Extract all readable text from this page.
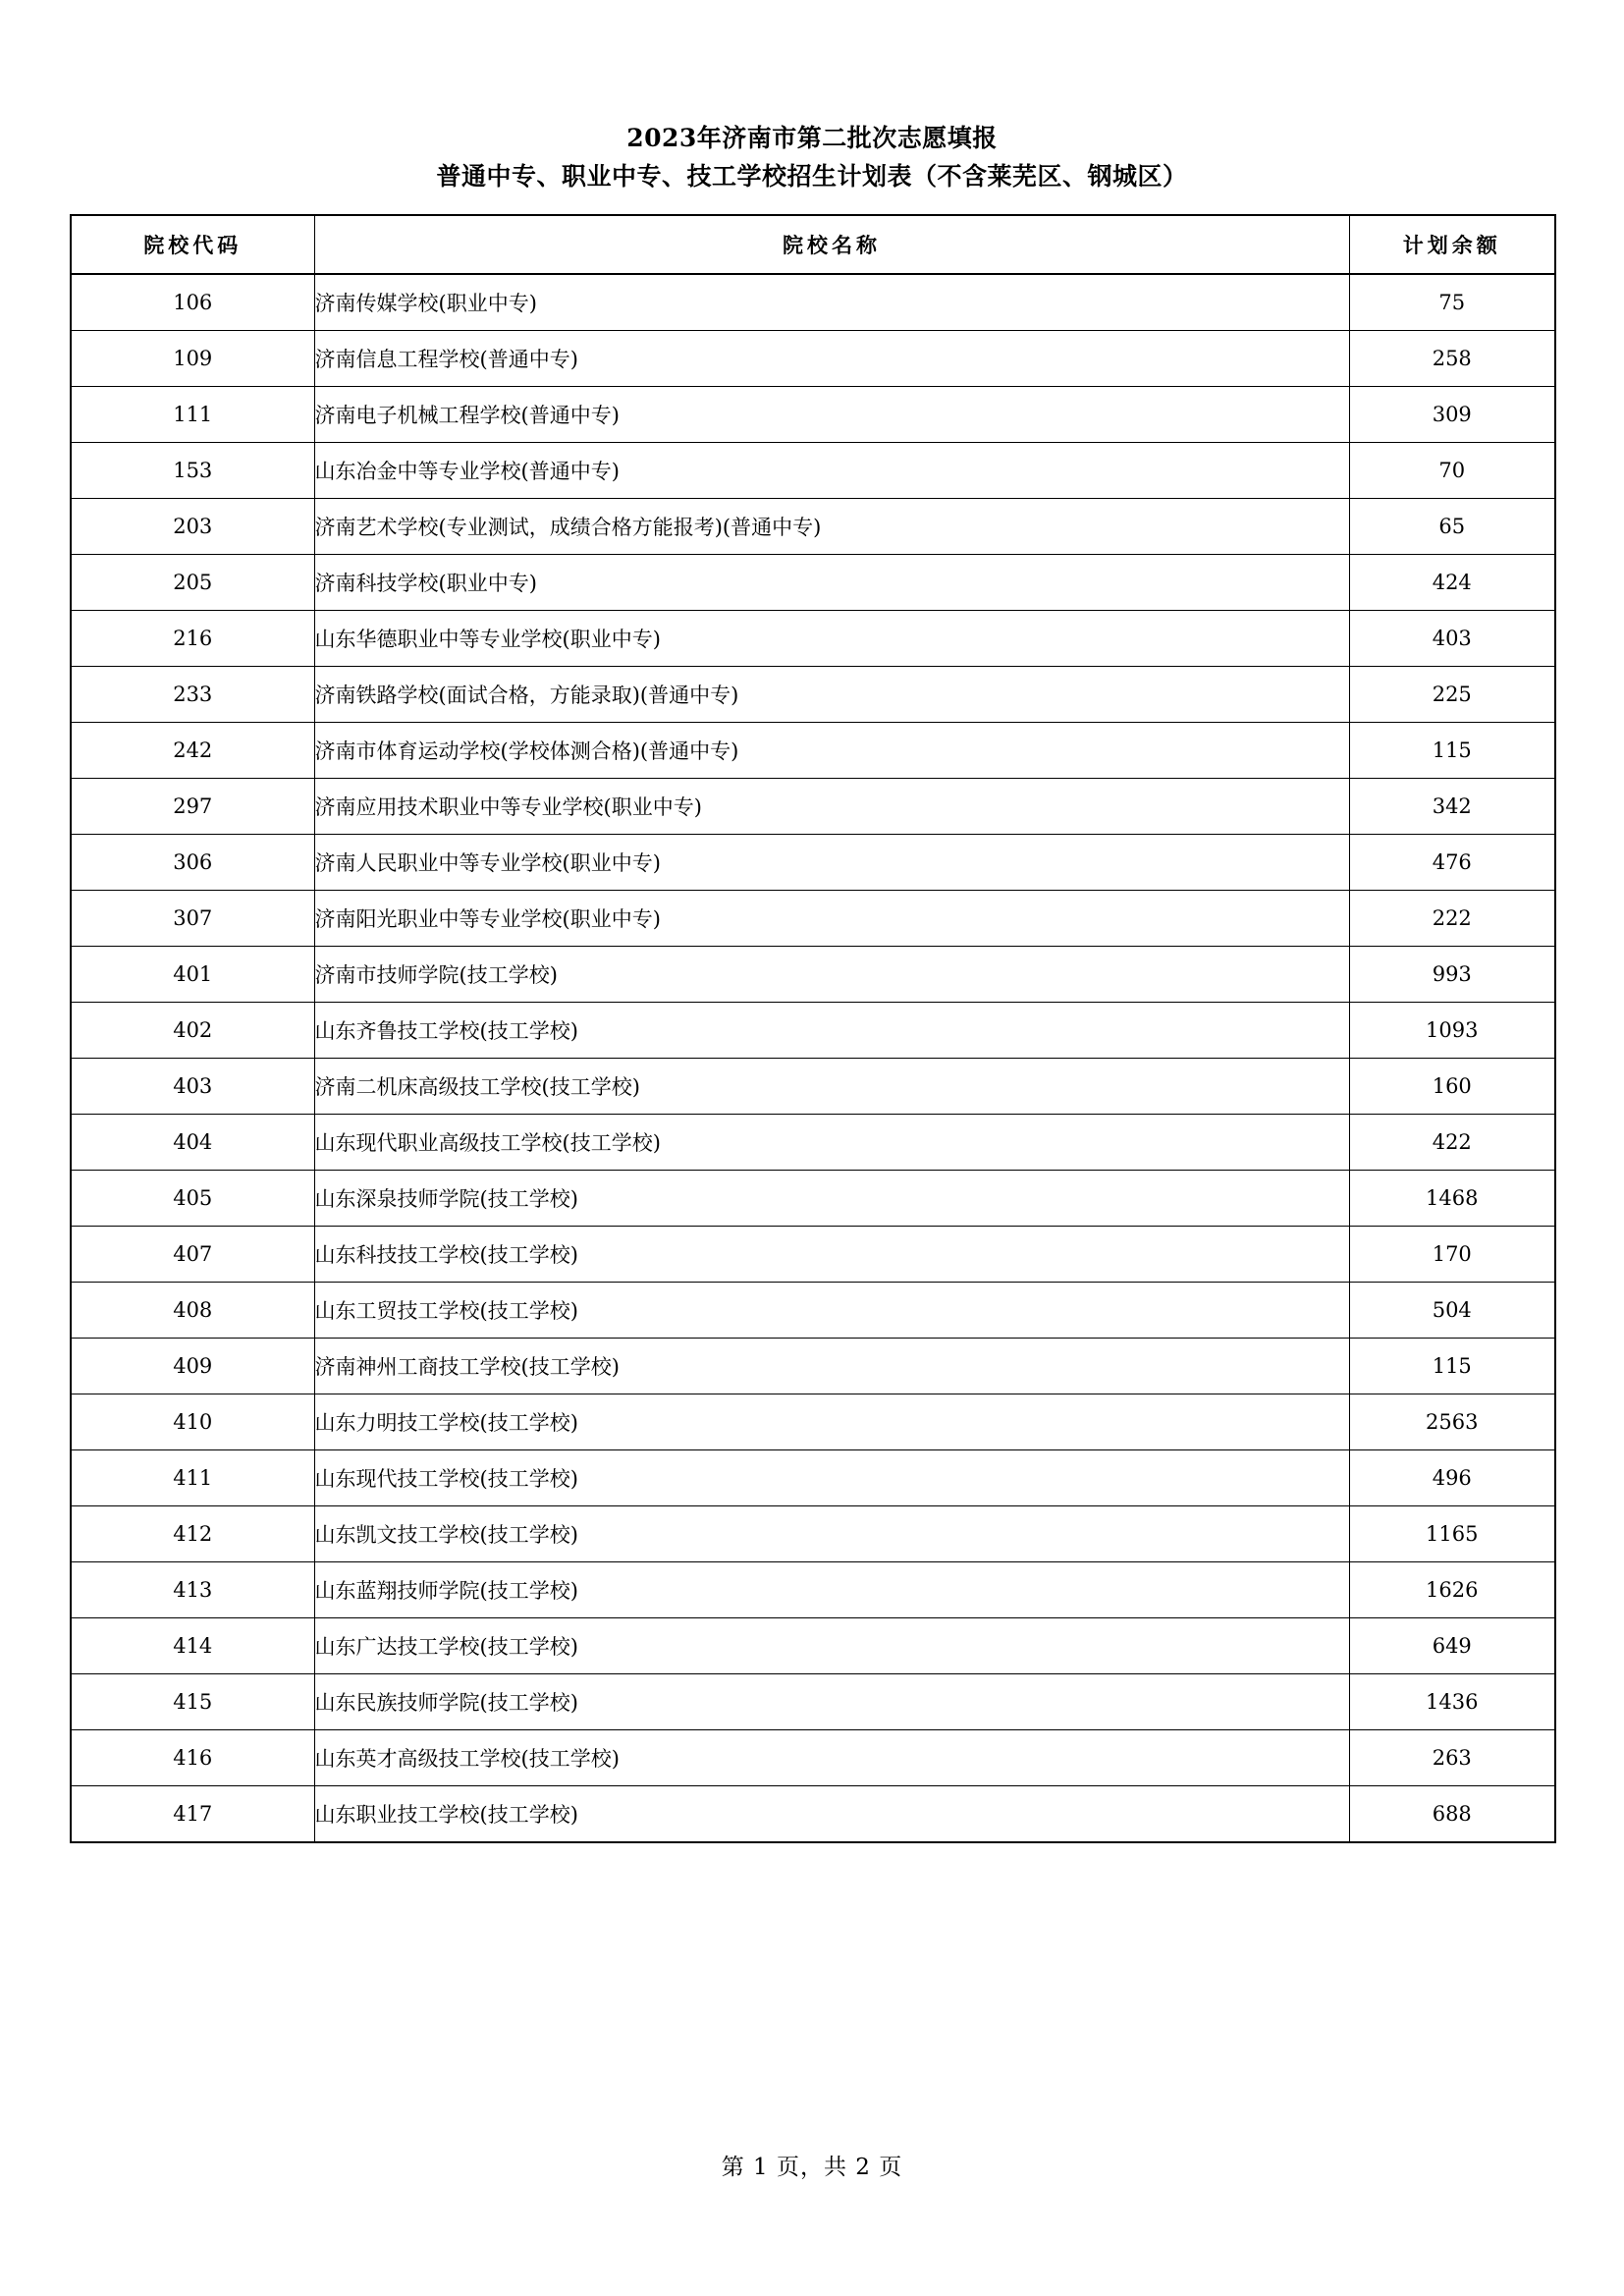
2023年济南市第二批次志愿填报
普通中专、职业中专、技工学校招生计划表（不含莱芜区、钢城区）
院校代码	院校名称	计划余额
106	济南传媒学校(职业中专)	75
109	济南信息工程学校(普通中专)	258
111	济南电子机械工程学校(普通中专)	309
153	山东冶金中等专业学校(普通中专)	70
203	济南艺术学校(专业测试，成绩合格方能报考)(普通中专)	65
205	济南科技学校(职业中专)	424
216	山东华德职业中等专业学校(职业中专)	403
233	济南铁路学校(面试合格，方能录取)(普通中专)	225
242	济南市体育运动学校(学校体测合格)(普通中专)	115
297	济南应用技术职业中等专业学校(职业中专)	342
306	济南人民职业中等专业学校(职业中专)	476
307	济南阳光职业中等专业学校(职业中专)	222
401	济南市技师学院(技工学校)	993
402	山东齐鲁技工学校(技工学校)	1093
403	济南二机床高级技工学校(技工学校)	160
404	山东现代职业高级技工学校(技工学校)	422
405	山东深泉技师学院(技工学校)	1468
407	山东科技技工学校(技工学校)	170
408	山东工贸技工学校(技工学校)	504
409	济南神州工商技工学校(技工学校)	115
410	山东力明技工学校(技工学校)	2563
411	山东现代技工学校(技工学校)	496
412	山东凯文技工学校(技工学校)	1165
413	山东蓝翔技师学院(技工学校)	1626
414	山东广达技工学校(技工学校)	649
415	山东民族技师学院(技工学校)	1436
416	山东英才高级技工学校(技工学校)	263
417	山东职业技工学校(技工学校)	688
第 1 页，共 2 页
